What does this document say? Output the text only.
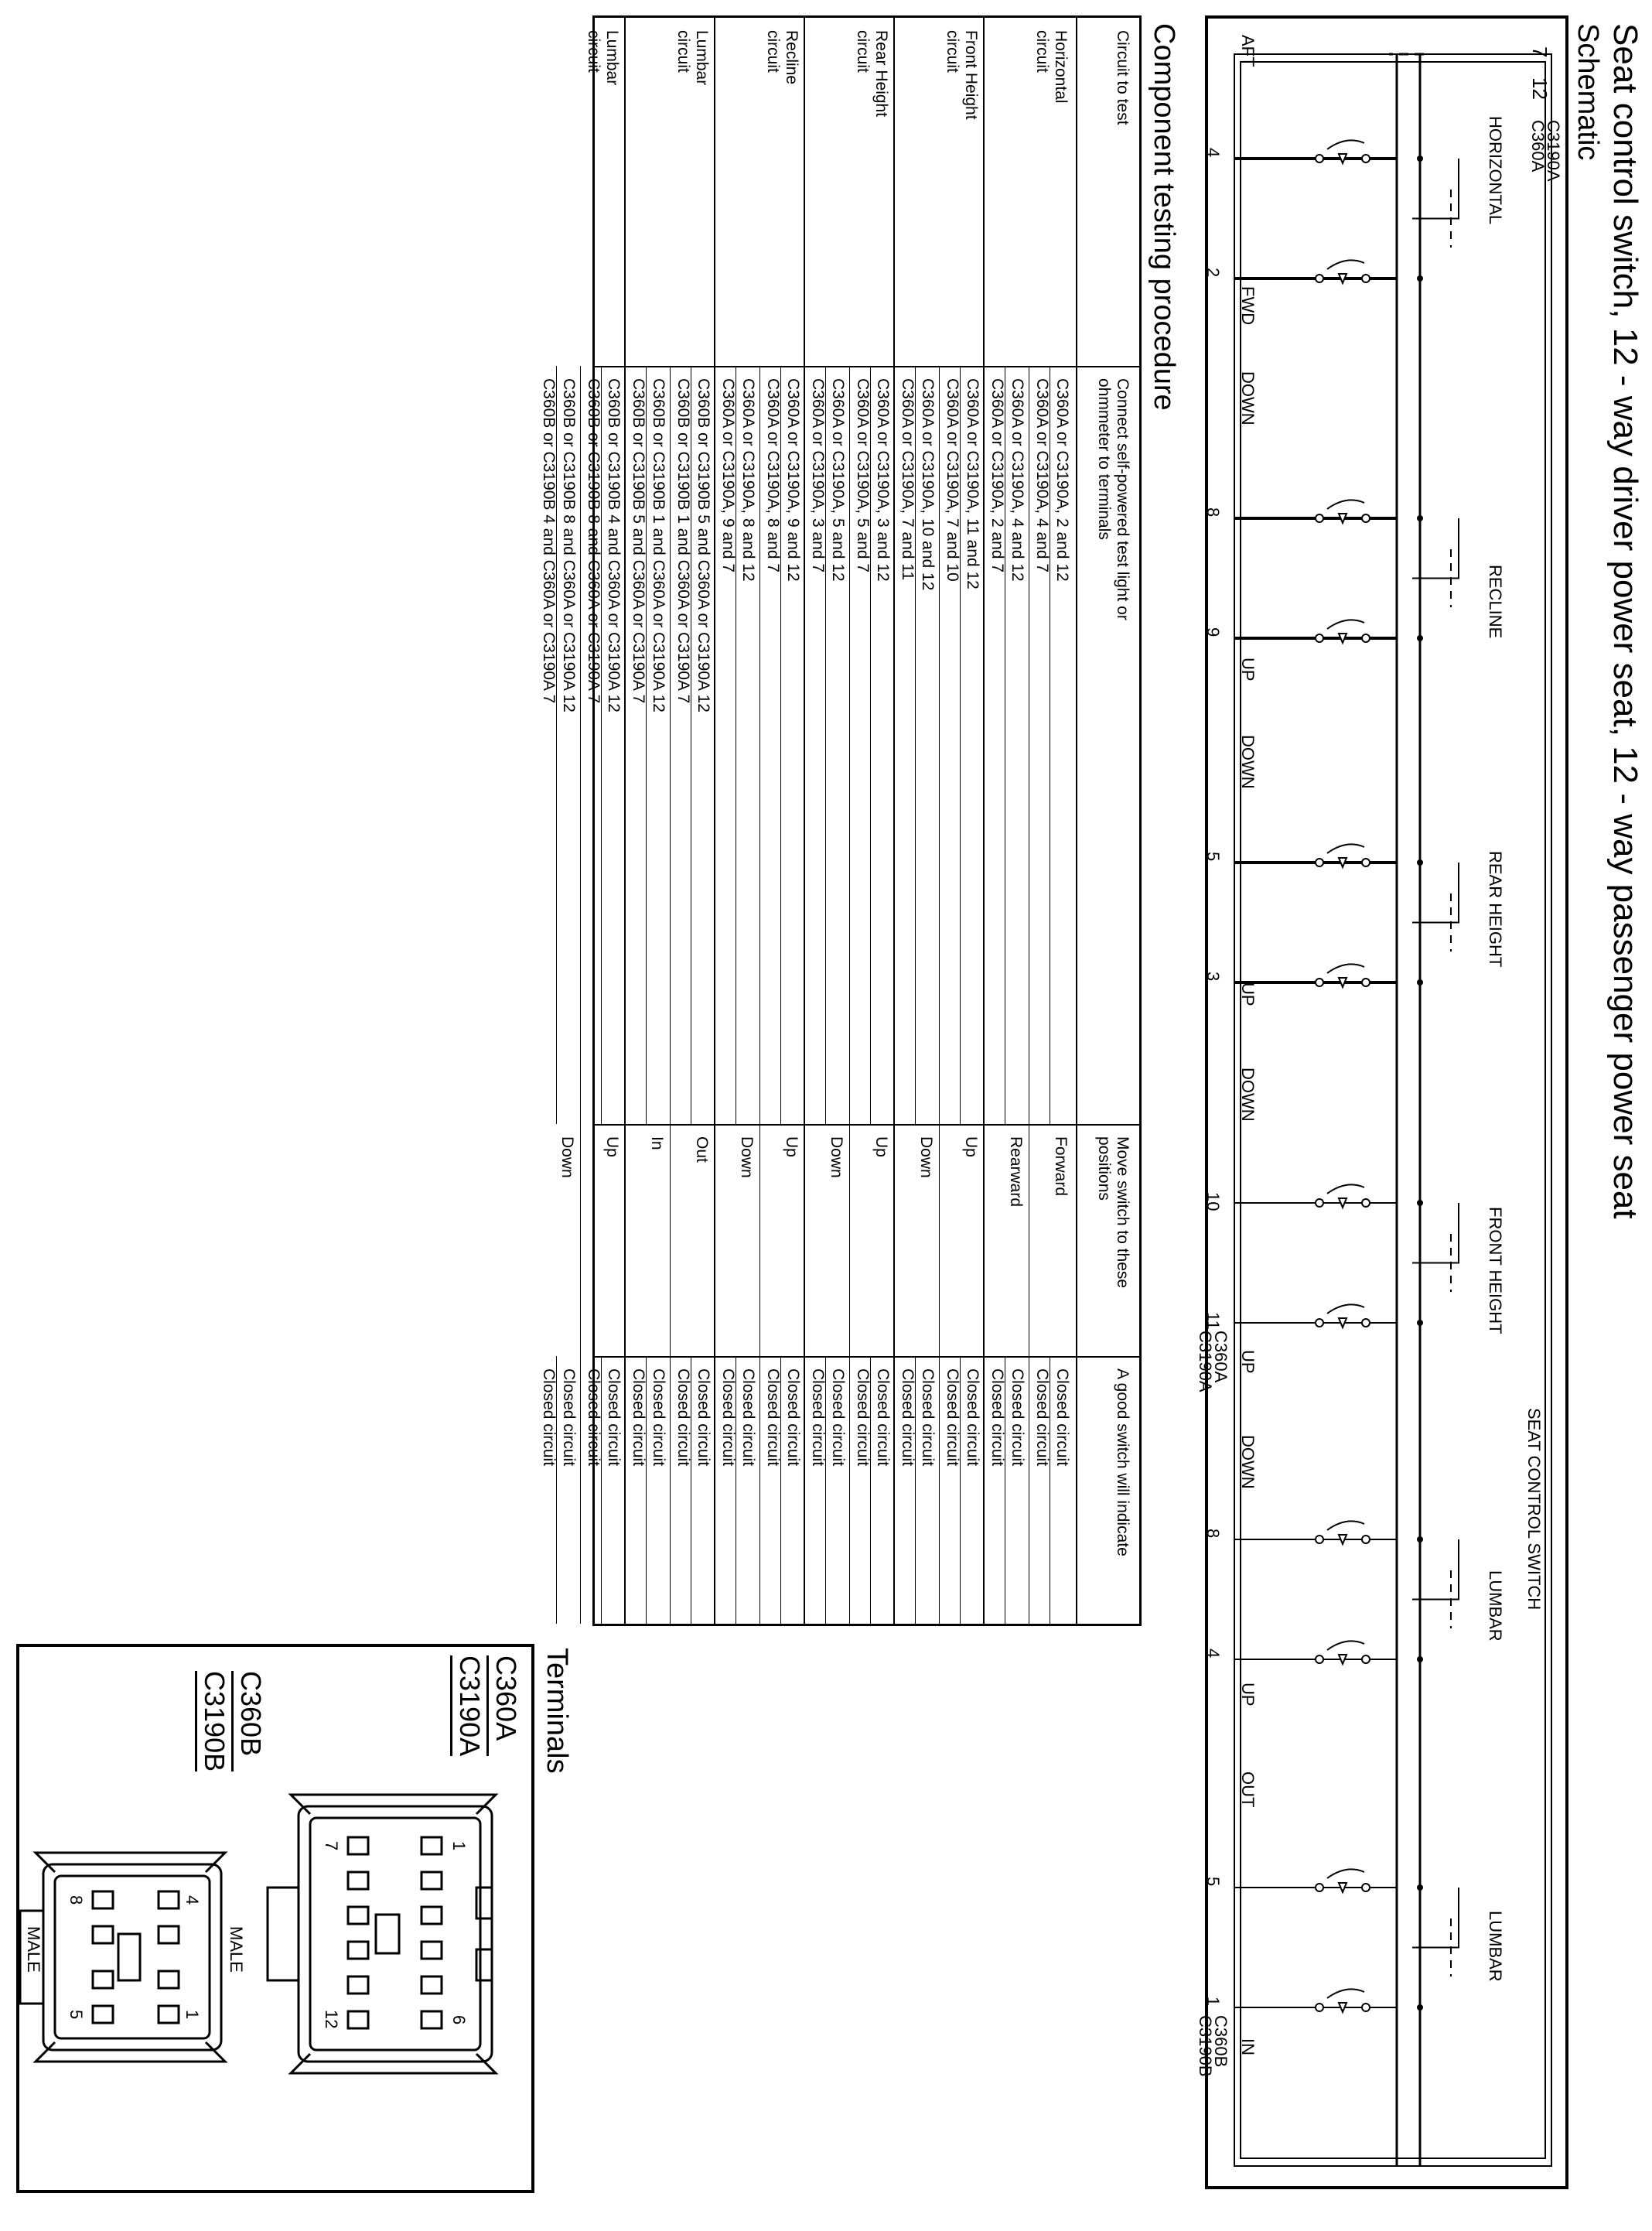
Seat control switch, 12 - way driver power seat, 12 - way passenger power seat
Schematic
7
12
C3190A
C360A
SEAT CONTROL SWITCH
HORIZONTAL
RECLINE
REAR HEIGHT
FRONT HEIGHT
LUMBAR
LUMBAR
AFT
FWD
DOWN
UP
DOWN
UP
DOWN
UP
DOWN
UP
OUT
IN
4
2
8
9
5
3
10
11
8
4
5
1
C360A
C3190A
C360B
C3190B
Component testing procedure
Circuit to test
Connect self-powered test light or
ohmmeter to terminals
Move switch to these
positions
A good switch will indicate
Horizontal
circuit
Forward
C360A or C3190A, 2 and 12
Closed circuit
C360A or C3190A, 4 and 7
Closed circuit
Rearward
C360A or C3190A, 4 and 12
Closed circuit
C360A or C3190A, 2 and 7
Closed circuit
Front Height
circuit
Up
C360A or C3190A, 11 and 12
Closed circuit
C360A or C3190A, 7 and 10
Closed circuit
Down
C360A or C3190A, 10 and 12
Closed circuit
C360A or C3190A, 7 and 11
Closed circuit
Rear Height
circuit
Up
C360A or C3190A, 3 and 12
Closed circuit
C360A or C3190A, 5 and 7
Closed circuit
Down
C360A or C3190A, 5 and 12
Closed circuit
C360A or C3190A, 3 and 7
Closed circuit
Recline
circuit
Up
C360A or C3190A, 9 and 12
Closed circuit
C360A or C3190A, 8 and 7
Closed circuit
Down
C360A or C3190A, 8 and 12
Closed circuit
C360A or C3190A, 9 and 7
Closed circuit
Lumbar
circuit
Out
C360B or C3190B 5 and C360A or C3190A 12
Closed circuit
C360B or C3190B 1 and C360A or C3190A 7
Closed circuit
In
C360B or C3190B 1 and C360A or C3190A 12
Closed circuit
C360B or C3190B 5 and C360A or C3190A 7
Closed circuit
Lumbar
circuit
Up
C360B or C3190B 4 and C360A or C3190A 12
Closed circuit
C360B or C3190B 8 and C360A or C3190A 7
Closed circuit
Down
C360B or C3190B 8 and C360A or C3190A 12
Closed circuit
C360B or C3190B 4 and C360A or C3190A 7
Closed circuit
Terminals
C360A
C3190A
C360B
C3190B
1
7
6
12
MALE
4
8
1
5
MALE
